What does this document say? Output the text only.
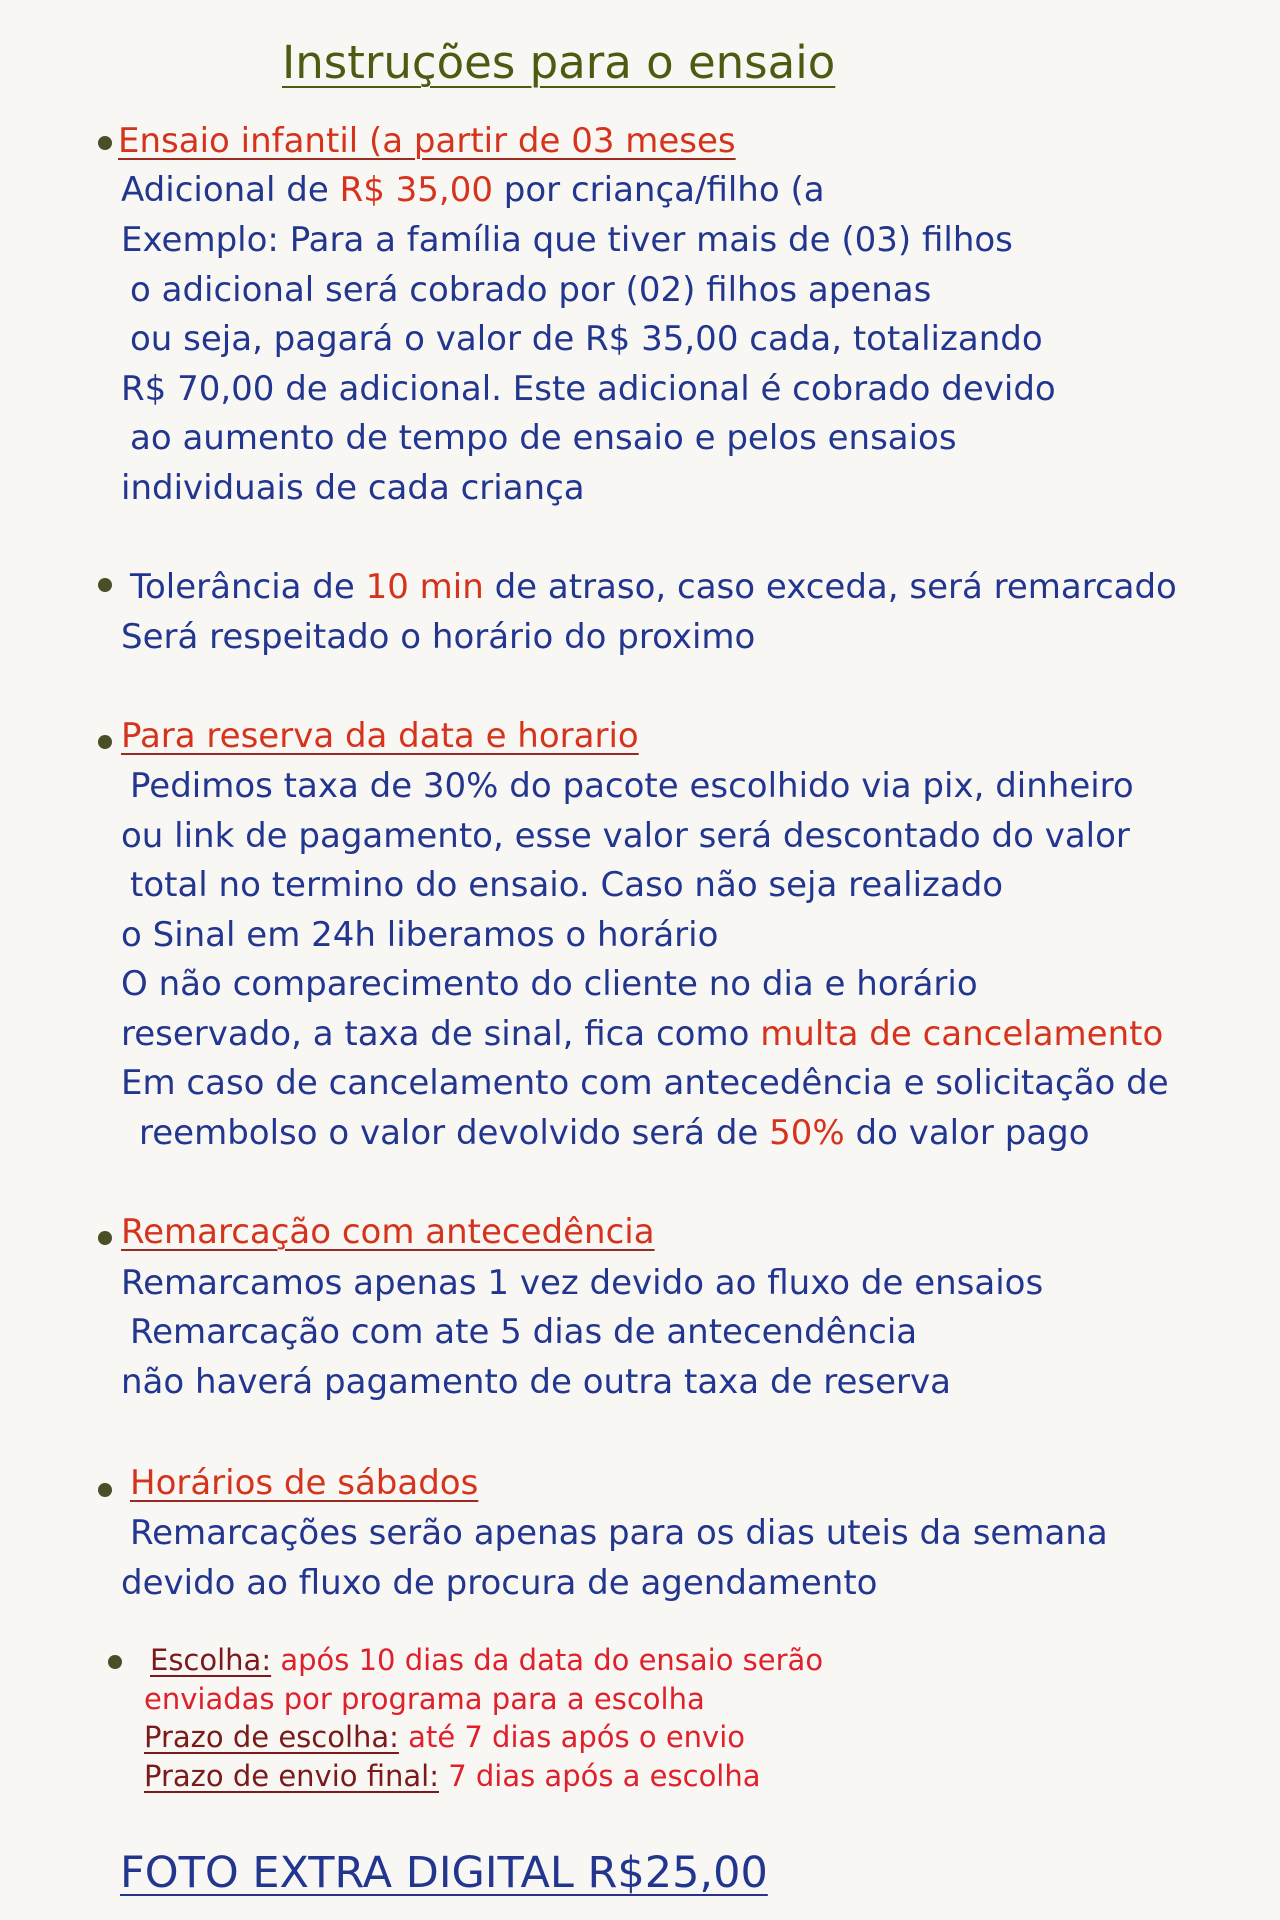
Instruções para o ensaio
Ensaio infantil (a partir de 03 meses
Adicional de R$ 35,00 por criança/filho (a
Exemplo: Para a família que tiver mais de (03) filhos
o adicional será cobrado por (02) filhos apenas
ou seja, pagará o valor de R$ 35,00 cada, totalizando
R$ 70,00 de adicional. Este adicional é cobrado devido
ao aumento de tempo de ensaio e pelos ensaios
individuais de cada criança
Tolerância de 10 min de atraso, caso exceda, será remarcado
Será respeitado o horário do proximo
Para reserva da data e horario
Pedimos taxa de 30% do pacote escolhido via pix, dinheiro
ou link de pagamento, esse valor será descontado do valor
total no termino do ensaio. Caso não seja realizado
o Sinal em 24h liberamos o horário
O não comparecimento do cliente no dia e horário
reservado, a taxa de sinal, fica como multa de cancelamento
Em caso de cancelamento com antecedência e solicitação de
reembolso o valor devolvido será de 50% do valor pago
Remarcação com antecedência
Remarcamos apenas 1 vez devido ao fluxo de ensaios
Remarcação com ate 5 dias de antecendência
não haverá pagamento de outra taxa de reserva
Horários de sábados
Remarcações serão apenas para os dias uteis da semana
devido ao fluxo de procura de agendamento
Escolha: após 10 dias da data do ensaio serão
enviadas por programa para a escolha
Prazo de escolha: até 7 dias após o envio
Prazo de envio final: 7 dias após a escolha
FOTO EXTRA DIGITAL R$25,00
